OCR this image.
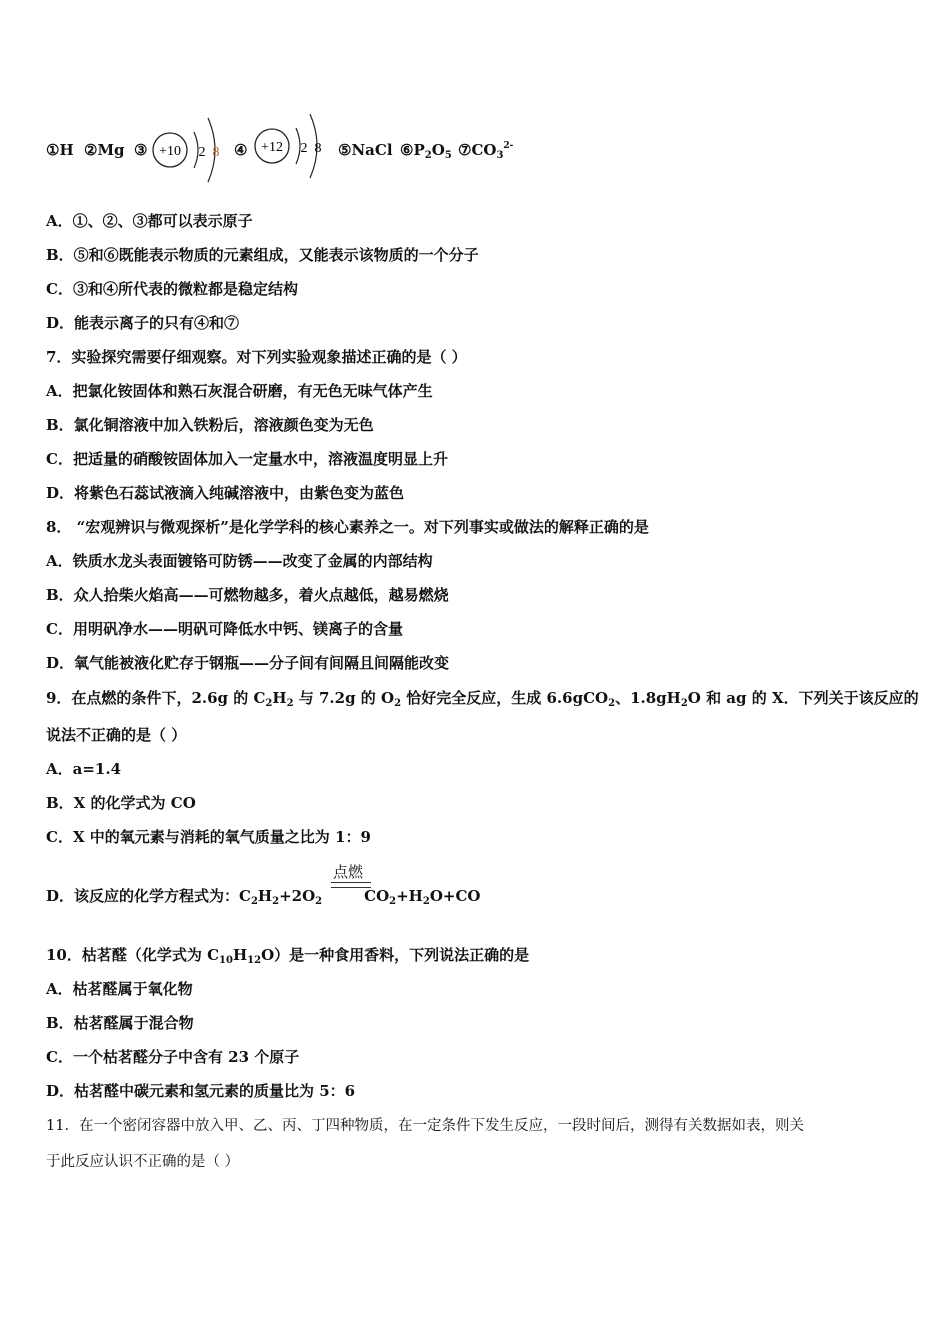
①H ②Mg ③ +10 2 8 ④ +12 2 8 ⑤NaCl $⑥P_2O_5$ $⑦CO_3^{2-}$
A．①、②、③都可以表示原子
B．⑤和⑥既能表示物质的元素组成，又能表示该物质的一个分子
C．③和④所代表的微粒都是稳定结构
D．能表示离子的只有④和⑦
7．实验探究需要仔细观察。对下列实验观象描述正确的是（ ）
A．把氯化铵固体和熟石灰混合研磨，有无色无味气体产生
B．氯化铜溶液中加入铁粉后，溶液颜色变为无色
C．把适量的硝酸铵固体加入一定量水中，溶液温度明显上升
D．将紫色石蕊试液滴入纯碱溶液中，由紫色变为蓝色
8． “宏观辨识与微观探析”是化学学科的核心素养之一。对下列事实或做法的解释正确的是
A．铁质水龙头表面镀铬可防锈——改变了金属的内部结构
B．众人拾柴火焰高——可燃物越多，着火点越低，越易燃烧
C．用明矾净水——明矾可降低水中钙、镁离子的含量
D．氧气能被液化贮存于钢瓶——分子间有间隔且间隔能改变
9．在点燃的条件下，2.6g 的 $C_2H_2$ 与 7.2g 的 $O_2$ 恰好完全反应，生成 6.6gCO$_2$、$1.8gH_2O$ 和 ag 的 X．下列关于该反应的
说法不正确的是（ ）
A．a=1.4
B．X 的化学式为 CO
C．X 中的氧元素与消耗的氧气质量之比为 1：9
D．该反应的化学方程式为：$C_2H_2+2O_2$	$CO_2+H_2O+CO$
点燃
10．枯茗醛（化学式为 $C_{10}H_{12}O$）是一种食用香料，下列说法正确的是
A．枯茗醛属于氧化物
B．枯茗醛属于混合物
C．一个枯茗醛分子中含有 23 个原子
D．枯茗醛中碳元素和氢元素的质量比为 5：6
11．在一个密闭容器中放入甲、乙、丙、丁四种物质，在一定条件下发生反应，一段时间后，测得有关数据如表，则关
于此反应认识不正确的是（ ）
